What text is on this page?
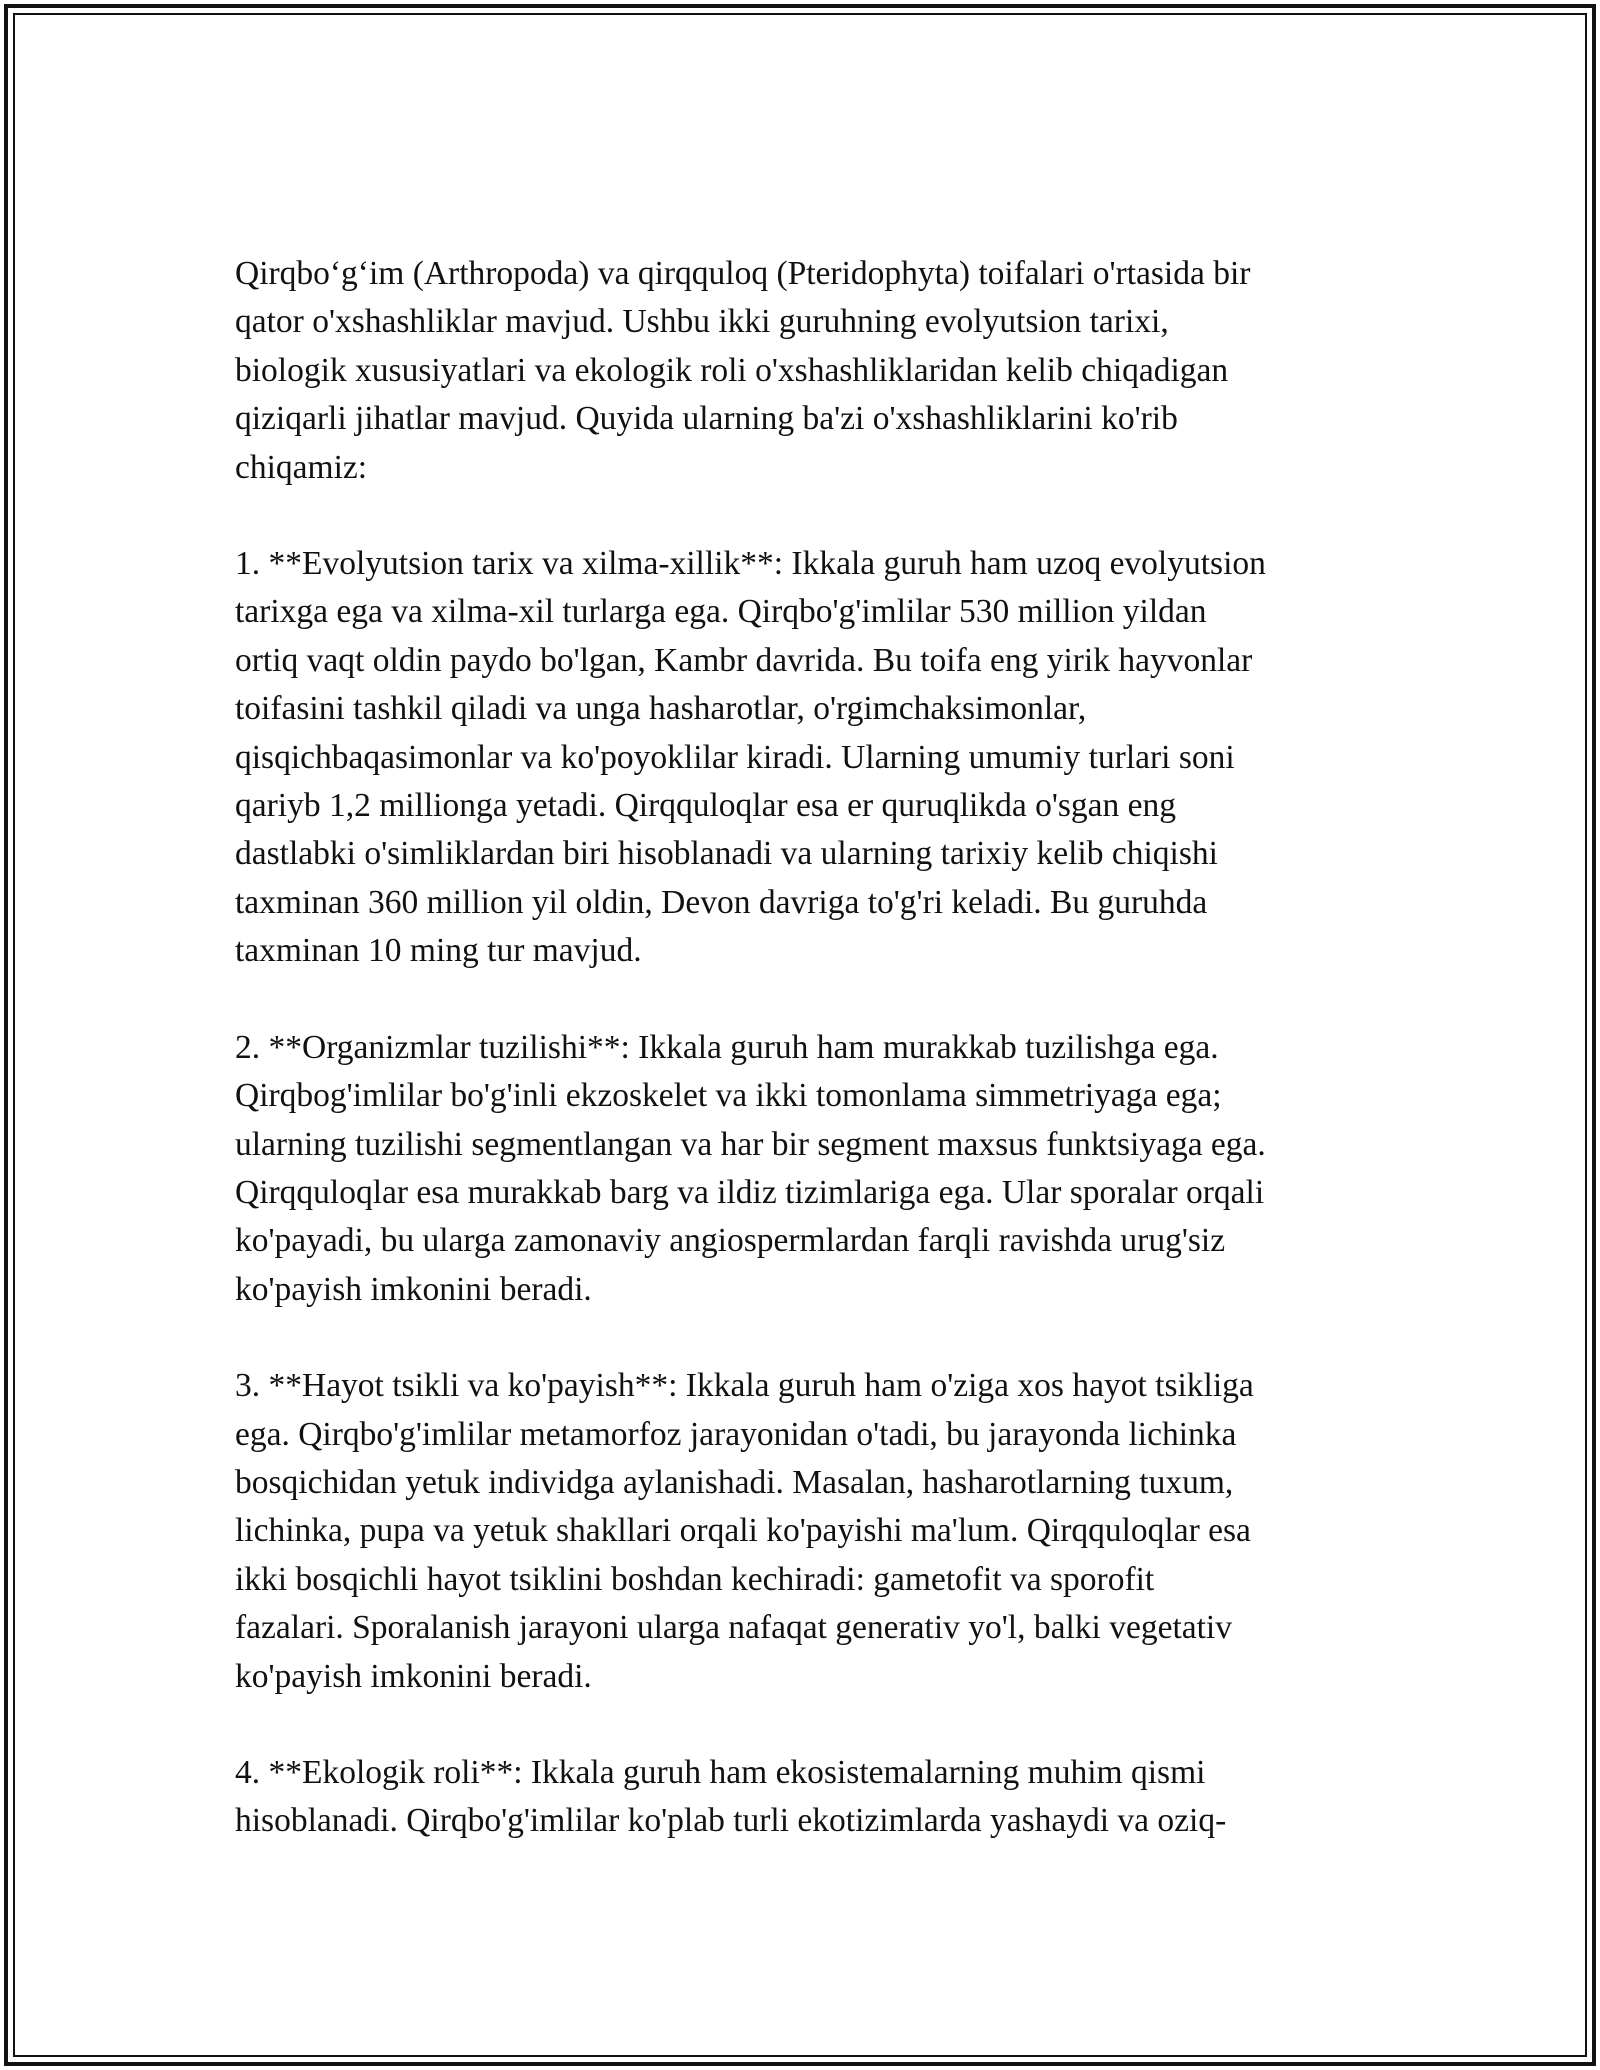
Qirqbo‘g‘im (Arthropoda) va qirqquloq (Pteridophyta) toifalari o'rtasida bir
qator o'xshashliklar mavjud. Ushbu ikki guruhning evolyutsion tarixi,
biologik xususiyatlari va ekologik roli o'xshashliklaridan kelib chiqadigan
qiziqarli jihatlar mavjud. Quyida ularning ba'zi o'xshashliklarini ko'rib
chiqamiz:

1. **Evolyutsion tarix va xilma-xillik**: Ikkala guruh ham uzoq evolyutsion
tarixga ega va xilma-xil turlarga ega. Qirqbo'g'imlilar 530 million yildan
ortiq vaqt oldin paydo bo'lgan, Kambr davrida. Bu toifa eng yirik hayvonlar
toifasini tashkil qiladi va unga hasharotlar, o'rgimchaksimonlar,
qisqichbaqasimonlar va ko'poyoklilar kiradi. Ularning umumiy turlari soni
qariyb 1,2 millionga yetadi. Qirqquloqlar esa er quruqlikda o'sgan eng
dastlabki o'simliklardan biri hisoblanadi va ularning tarixiy kelib chiqishi
taxminan 360 million yil oldin, Devon davriga to'g'ri keladi. Bu guruhda
taxminan 10 ming tur mavjud.

2. **Organizmlar tuzilishi**: Ikkala guruh ham murakkab tuzilishga ega.
Qirqbog'imlilar bo'g'inli ekzoskelet va ikki tomonlama simmetriyaga ega;
ularning tuzilishi segmentlangan va har bir segment maxsus funktsiyaga ega.
Qirqquloqlar esa murakkab barg va ildiz tizimlariga ega. Ular sporalar orqali
ko'payadi, bu ularga zamonaviy angiospermlardan farqli ravishda urug'siz
ko'payish imkonini beradi.

3. **Hayot tsikli va ko'payish**: Ikkala guruh ham o'ziga xos hayot tsikliga
ega. Qirqbo'g'imlilar metamorfoz jarayonidan o'tadi, bu jarayonda lichinka
bosqichidan yetuk individga aylanishadi. Masalan, hasharotlarning tuxum,
lichinka, pupa va yetuk shakllari orqali ko'payishi ma'lum. Qirqquloqlar esa
ikki bosqichli hayot tsiklini boshdan kechiradi: gametofit va sporofit
fazalari. Sporalanish jarayoni ularga nafaqat generativ yo'l, balki vegetativ
ko'payish imkonini beradi.

4. **Ekologik roli**: Ikkala guruh ham ekosistemalarning muhim qismi
hisoblanadi. Qirqbo'g'imlilar ko'plab turli ekotizimlarda yashaydi va oziq-
